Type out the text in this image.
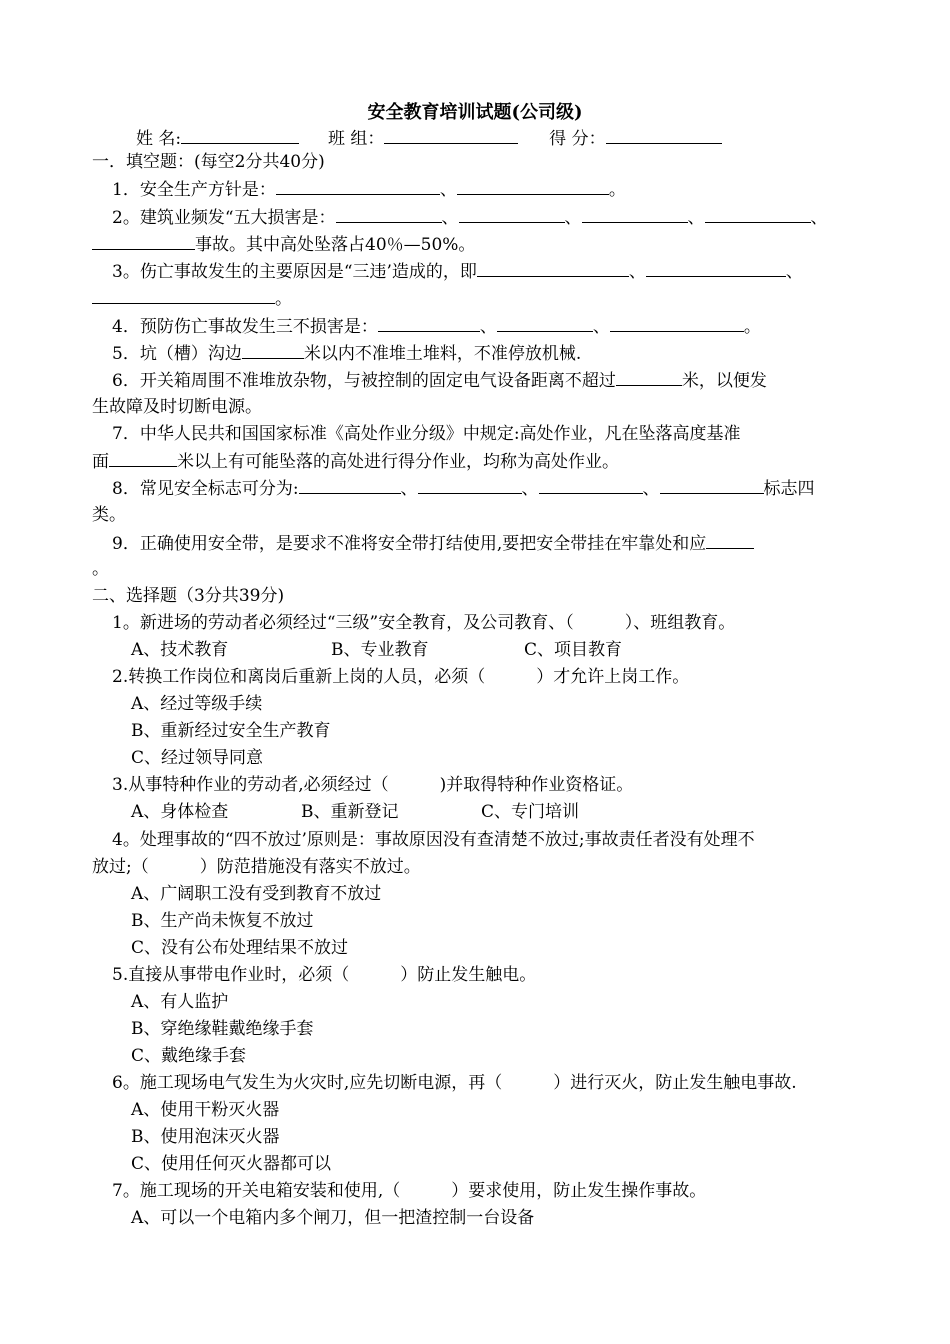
安全教育培训试题(公司级)
姓 名:	班 组：	得 分：
一．填空题：(每空2分共40分)
1．安全生产方针是：	、	。
2。建筑业频发“五大损害是：	、	、	、	、
事故。其中高处坠落占40％—50%。
3。伤亡事故发生的主要原因是“三违’造成的，即	、	、
。
4．预防伤亡事故发生三不损害是：	、	、	。
5．坑（槽）沟边	米以内不准堆土堆料，不准停放机械.
6．开关箱周围不准堆放杂物，与被控制的固定电气设备距离不超过	米，以便发
生故障及时切断电源。
7．中华人民共和国国家标准《高处作业分级》中规定:高处作业，凡在坠落高度基准
面	米以上有可能坠落的高处进行得分作业，均称为高处作业。
8．常见安全标志可分为:	、	、	、	标志四
类。
9．正确使用安全带，是要求不准将安全带打结使用,要把安全带挂在牢靠处和应
。
二、选择题（3分共39分)
1。新进场的劳动者必须经过“三级”安全教育，及公司教育、（　　　）、班组教育。
A、技术教育	B、专业教育	C、项目教育
2.转换工作岗位和离岗后重新上岗的人员，必须（　　　）才允许上岗工作。
A、经过等级手续
B、重新经过安全生产教育
C、经过领导同意
3.从事特种作业的劳动者,必须经过（　　　)并取得特种作业资格证。
A、身体检查	B、重新登记	C、专门培训
4。处理事故的“四不放过’原则是：事故原因没有查清楚不放过;事故责任者没有处理不
放过;（　　　）防范措施没有落实不放过。
A、广阔职工没有受到教育不放过
B、生产尚未恢复不放过
C、没有公布处理结果不放过
5.直接从事带电作业时，必须（　　　）防止发生触电。
A、有人监护
B、穿绝缘鞋戴绝缘手套
C、戴绝缘手套
6。施工现场电气发生为火灾时,应先切断电源，再（　　　）进行灭火，防止发生触电事故.
A、使用干粉灭火器
B、使用泡沫灭火器
C、使用任何灭火器都可以
7。施工现场的开关电箱安装和使用,（　　　）要求使用，防止发生操作事故。
A、可以一个电箱内多个闸刀，但一把渣控制一台设备
